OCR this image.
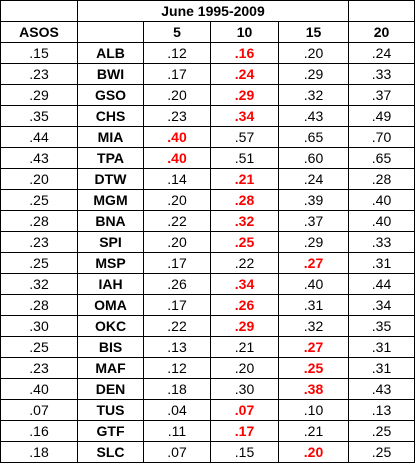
	June 1995-2009				
ASOS		5	10	15	20
.15	ALB	.12	.16	.20	.24
.23	BWI	.17	.24	.29	.33
.29	GSO	.20	.29	.32	.37
.35	CHS	.23	.34	.43	.49
.44	MIA	.40	.57	.65	.70
.43	TPA	.40	.51	.60	.65
.20	DTW	.14	.21	.24	.28
.25	MGM	.20	.28	.39	.40
.28	BNA	.22	.32	.37	.40
.23	SPI	.20	.25	.29	.33
.25	MSP	.17	.22	.27	.31
.32	IAH	.26	.34	.40	.44
.28	OMA	.17	.26	.31	.34
.30	OKC	.22	.29	.32	.35
.25	BIS	.13	.21	.27	.31
.23	MAF	.12	.20	.25	.31
.40	DEN	.18	.30	.38	.43
.07	TUS	.04	.07	.10	.13
.16	GTF	.11	.17	.21	.25
.18	SLC	.07	.15	.20	.25
